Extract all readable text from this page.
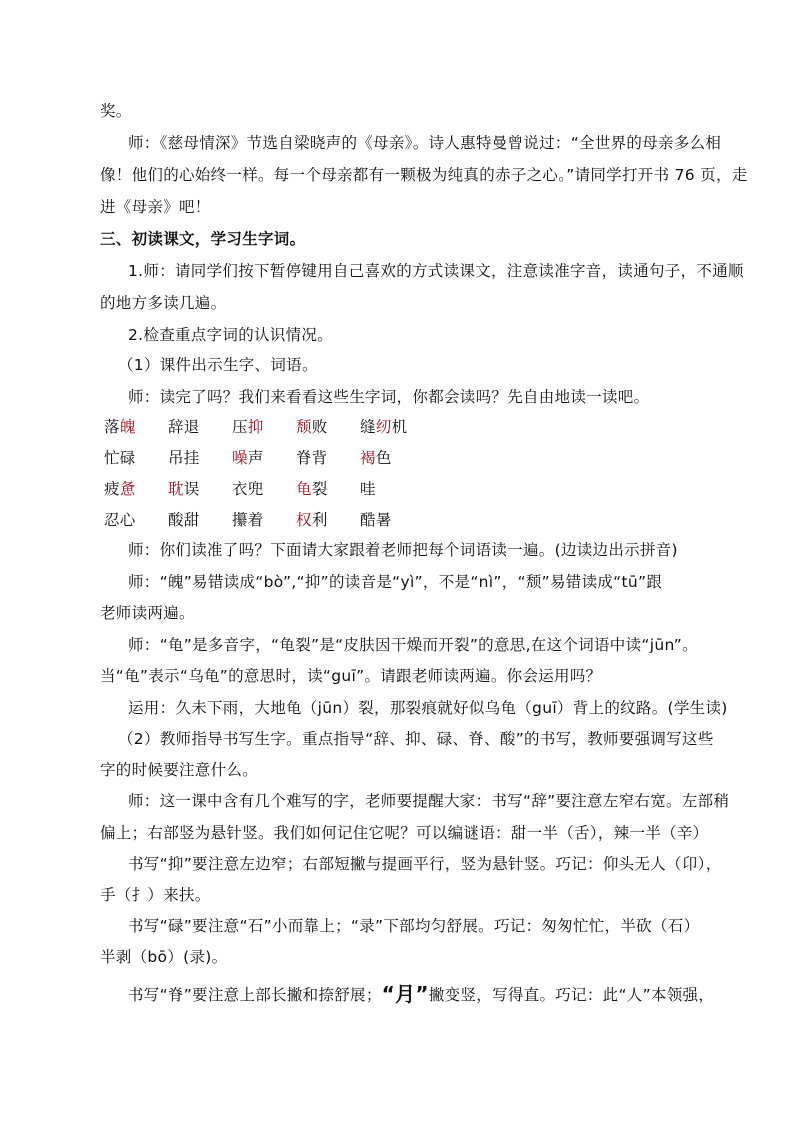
奖。
师：《慈母情深》节选自梁晓声的《母亲》。诗人惠特曼曾说过：“全世界的母亲多么相
像！他们的心始终一样。每一个母亲都有一颗极为纯真的赤子之心。”请同学打开书 76 页，走
进《母亲》吧！
三、初读课文，学习生字词。
1.师：请同学们按下暂停键用自己喜欢的方式读课文，注意读准字音，读通句子，不通顺
的地方多读几遍。
2.检查重点字词的认识情况。
（1）课件出示生字、词语。
师：读完了吗？我们来看看这些生字词，你都会读吗？先自由地读一读吧。
落魄 辞退 压抑 颓败 缝纫机
忙碌 吊挂 噪声 脊背 褐色
疲惫 耽误 衣兜 龟裂 哇
忍心 酸甜 攥着 权利 酷暑
师：你们读准了吗？下面请大家跟着老师把每个词语读一遍。(边读边出示拼音)
师：“魄”易错读成“bò”,“抑”的读音是“yì”，不是“nì”，“颓”易错读成“tū”跟
老师读两遍。
师：“龟”是多音字，“龟裂”是“皮肤因干燥而开裂”的意思,在这个词语中读“jūn”。
当“龟”表示“乌龟”的意思时，读“guī”。请跟老师读两遍。你会运用吗？
运用：久未下雨，大地龟（jūn）裂，那裂痕就好似乌龟（guī）背上的纹路。(学生读)
（2）教师指导书写生字。重点指导“辞、抑、碌、脊、酸”的书写，教师要强调写这些
字的时候要注意什么。
师：这一课中含有几个难写的字，老师要提醒大家：书写“辞”要注意左窄右宽。左部稍
偏上；右部竖为悬针竖。我们如何记住它呢？可以编谜语：甜一半（舌），辣一半（辛）
书写“抑”要注意左边窄；右部短撇与提画平行，竖为悬针竖。巧记：仰头无人（卬），
手（扌）来扶。
书写“碌”要注意“石”小而靠上；“录”下部均匀舒展。巧记：匆匆忙忙，半砍（石）
半剥（bō）(录)。
书写“脊”要注意上部长撇和捺舒展；“月”撇变竖，写得直。巧记：此“人”本领强，
